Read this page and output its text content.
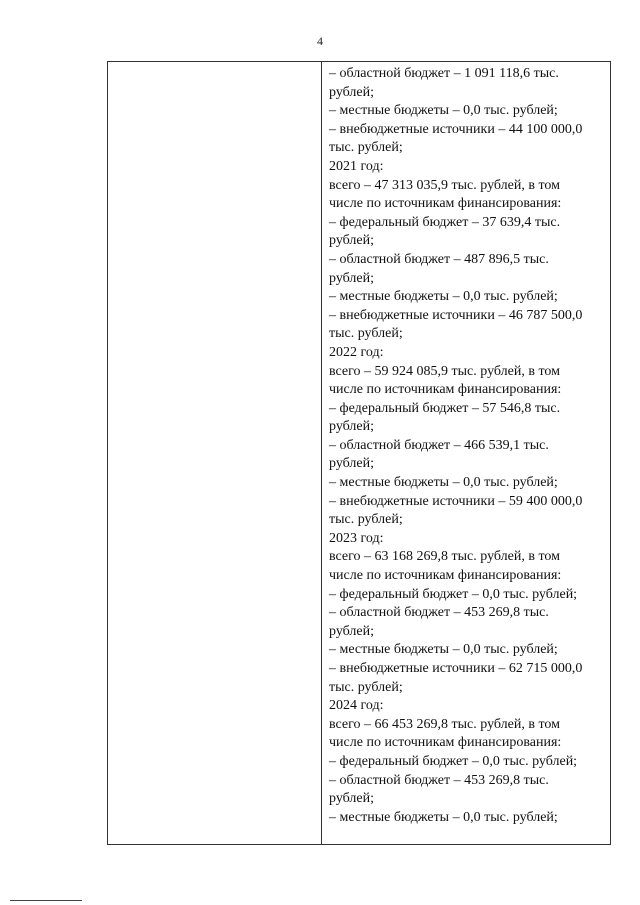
4
– областной бюджет – 1 091 118,6 тыс.
рублей;
– местные бюджеты – 0,0 тыс. рублей;
– внебюджетные источники – 44 100 000,0
тыс. рублей;
2021 год:
всего – 47 313 035,9 тыс. рублей, в том
числе по источникам финансирования:
– федеральный бюджет – 37 639,4 тыс.
рублей;
– областной бюджет – 487 896,5 тыс.
рублей;
– местные бюджеты – 0,0 тыс. рублей;
– внебюджетные источники – 46 787 500,0
тыс. рублей;
2022 год:
всего – 59 924 085,9 тыс. рублей, в том
числе по источникам финансирования:
– федеральный бюджет – 57 546,8 тыс.
рублей;
– областной бюджет – 466 539,1 тыс.
рублей;
– местные бюджеты – 0,0 тыс. рублей;
– внебюджетные источники – 59 400 000,0
тыс. рублей;
2023 год:
всего – 63 168 269,8 тыс. рублей, в том
числе по источникам финансирования:
– федеральный бюджет – 0,0 тыс. рублей;
– областной бюджет – 453 269,8 тыс.
рублей;
– местные бюджеты – 0,0 тыс. рублей;
– внебюджетные источники – 62 715 000,0
тыс. рублей;
2024 год:
всего – 66 453 269,8 тыс. рублей, в том
числе по источникам финансирования:
– федеральный бюджет – 0,0 тыс. рублей;
– областной бюджет – 453 269,8 тыс.
рублей;
– местные бюджеты – 0,0 тыс. рублей;
